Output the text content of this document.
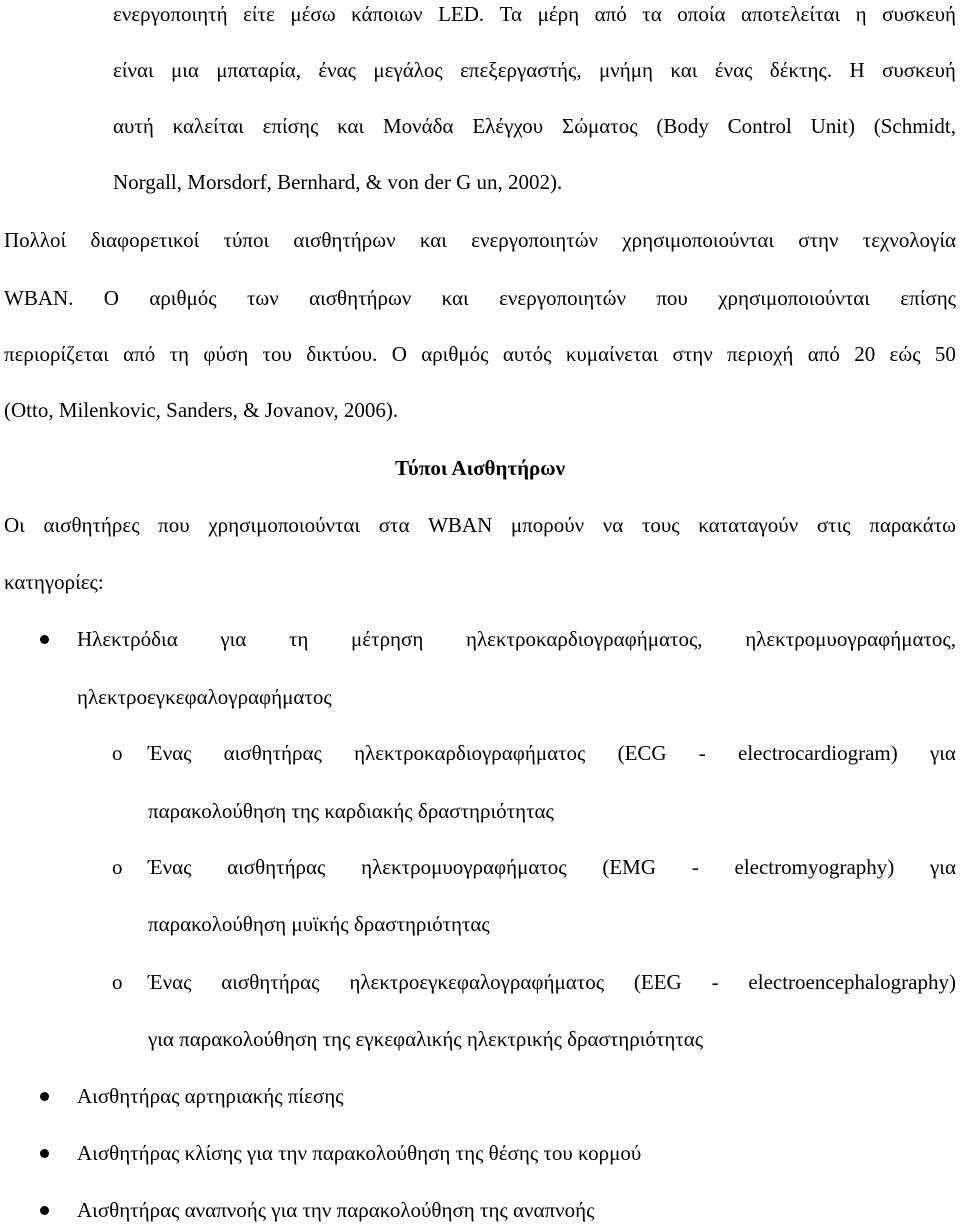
ενεργοποιητή είτε μέσω κάποιων LED. Τα μέρη από τα οποία αποτελείται η συσκευή
είναι μια μπαταρία, ένας μεγάλος επεξεργαστής, μνήμη και ένας δέκτης. Η συσκευή
αυτή καλείται επίσης και Μονάδα Ελέγχου Σώματος (Body Control Unit) (Schmidt,
Norgall, Morsdorf, Bernhard, & von der G un, 2002).
Πολλοί διαφορετικοί τύποι αισθητήρων και ενεργοποιητών χρησιμοποιούνται στην τεχνολογία
WBAN. Ο αριθμός των αισθητήρων και ενεργοποιητών που χρησιμοποιούνται επίσης
περιορίζεται από τη φύση του δικτύου. Ο αριθμός αυτός κυμαίνεται στην περιοχή από 20 εώς 50
(Otto, Milenkovic, Sanders, & Jovanov, 2006).
Τύποι Αισθητήρων
Οι αισθητήρες που χρησιμοποιούνται στα WBAN μπορούν να τους καταταγούν στις παρακάτω
κατηγορίες:
Ηλεκτρόδια για τη μέτρηση ηλεκτροκαρδιογραφήματος, ηλεκτρομυογραφήματος,
ηλεκτροεγκεφαλογραφήματος
o Ένας αισθητήρας ηλεκτροκαρδιογραφήματος (ECG - electrocardiogram) για
παρακολούθηση της καρδιακής δραστηριότητας
o Ένας αισθητήρας ηλεκτρομυογραφήματος (EMG - electromyography) για
παρακολούθηση μυϊκής δραστηριότητας
o Ένας αισθητήρας ηλεκτροεγκεφαλογραφήματος (EEG - electroencephalography)
για παρακολούθηση της εγκεφαλικής ηλεκτρικής δραστηριότητας
Αισθητήρας αρτηριακής πίεσης
Αισθητήρας κλίσης για την παρακολούθηση της θέσης του κορμού
Αισθητήρας αναπνοής για την παρακολούθηση της αναπνοής
